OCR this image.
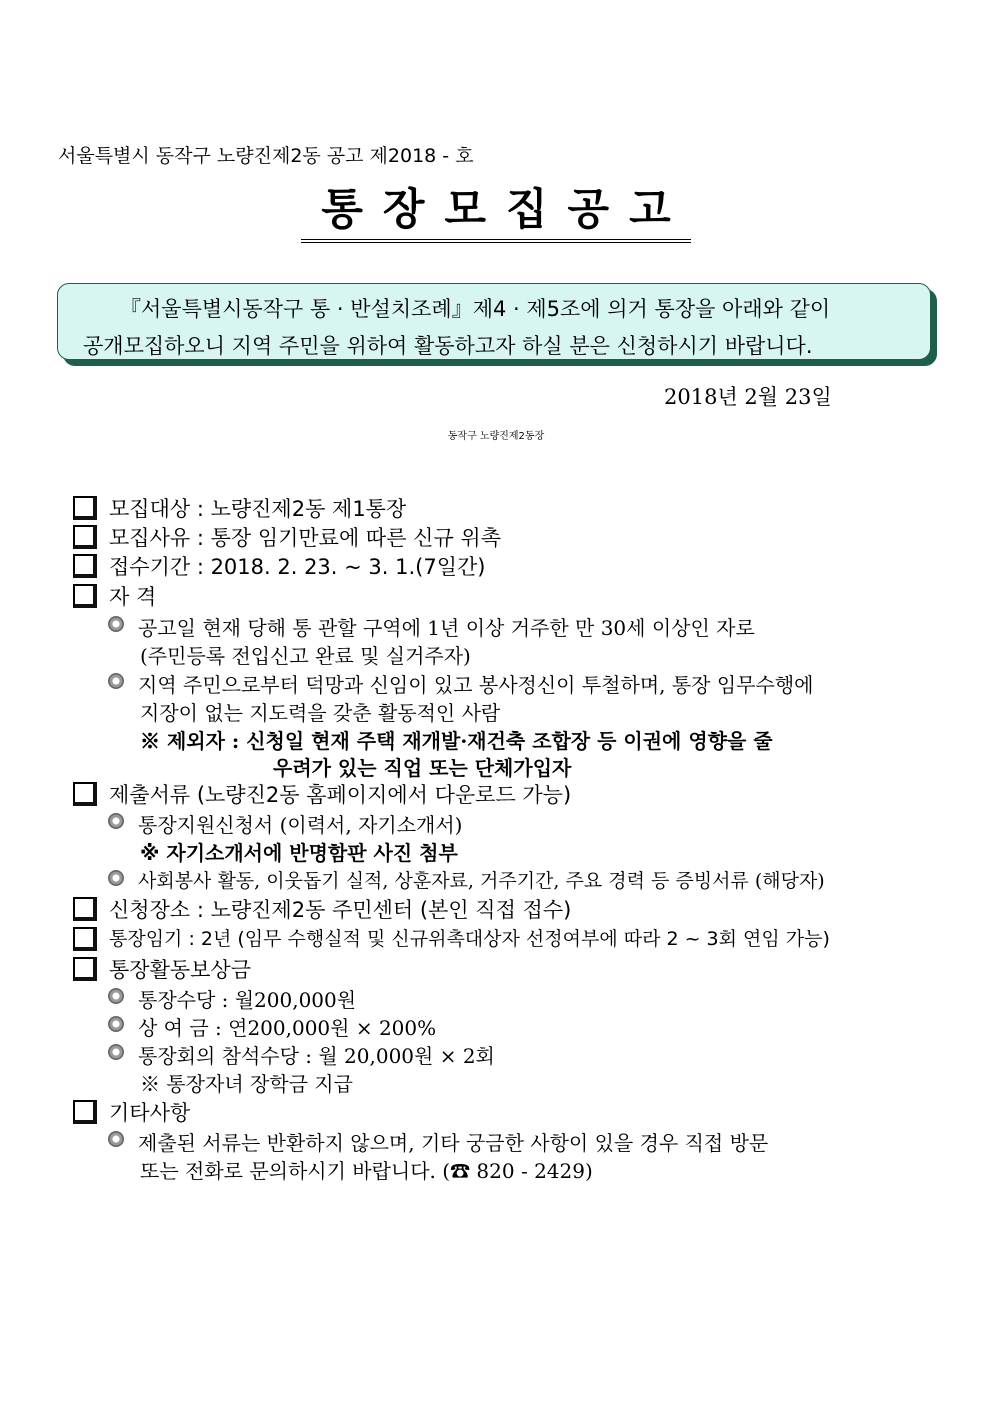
서울특별시 동작구 노량진제2동 공고 제2018 - 호
통장모집공고
『서울특별시동작구 통 · 반설치조례』제4 · 제5조에 의거 통장을 아래와 같이
공개모집하오니 지역 주민을 위하여 활동하고자 하실 분은 신청하시기 바랍니다.
2018년 2월 23일
동작구 노량진제2동장
모집대상 : 노량진제2동 제1통장
모집사유 : 통장 임기만료에 따른 신규 위촉
접수기간 : 2018. 2. 23. ~ 3. 1.(7일간)
자 격
공고일 현재 당해 통 관할 구역에 1년 이상 거주한 만 30세 이상인 자로
(주민등록 전입신고 완료 및 실거주자)
지역 주민으로부터 덕망과 신임이 있고 봉사정신이 투철하며, 통장 임무수행에
지장이 없는 지도력을 갖춘 활동적인 사람
※ 제외자 : 신청일 현재 주택 재개발·재건축 조합장 등 이권에 영향을 줄
우려가 있는 직업 또는 단체가입자
제출서류 (노량진2동 홈페이지에서 다운로드 가능)
통장지원신청서 (이력서, 자기소개서)
※ 자기소개서에 반명함판 사진 첨부
사회봉사 활동, 이웃돕기 실적, 상훈자료, 거주기간, 주요 경력 등 증빙서류 (해당자)
신청장소 : 노량진제2동 주민센터 (본인 직접 접수)
통장임기 : 2년 (임무 수행실적 및 신규위촉대상자 선정여부에 따라 2 ~ 3회 연임 가능)
통장활동보상금
통장수당 : 월200,000원
상 여 금 : 연200,000원 × 200%
통장회의 참석수당 : 월 20,000원 × 2회
※ 통장자녀 장학금 지급
기타사항
제출된 서류는 반환하지 않으며, 기타 궁금한 사항이 있을 경우 직접 방문
또는 전화로 문의하시기 바랍니다. (☎ 820 - 2429)
